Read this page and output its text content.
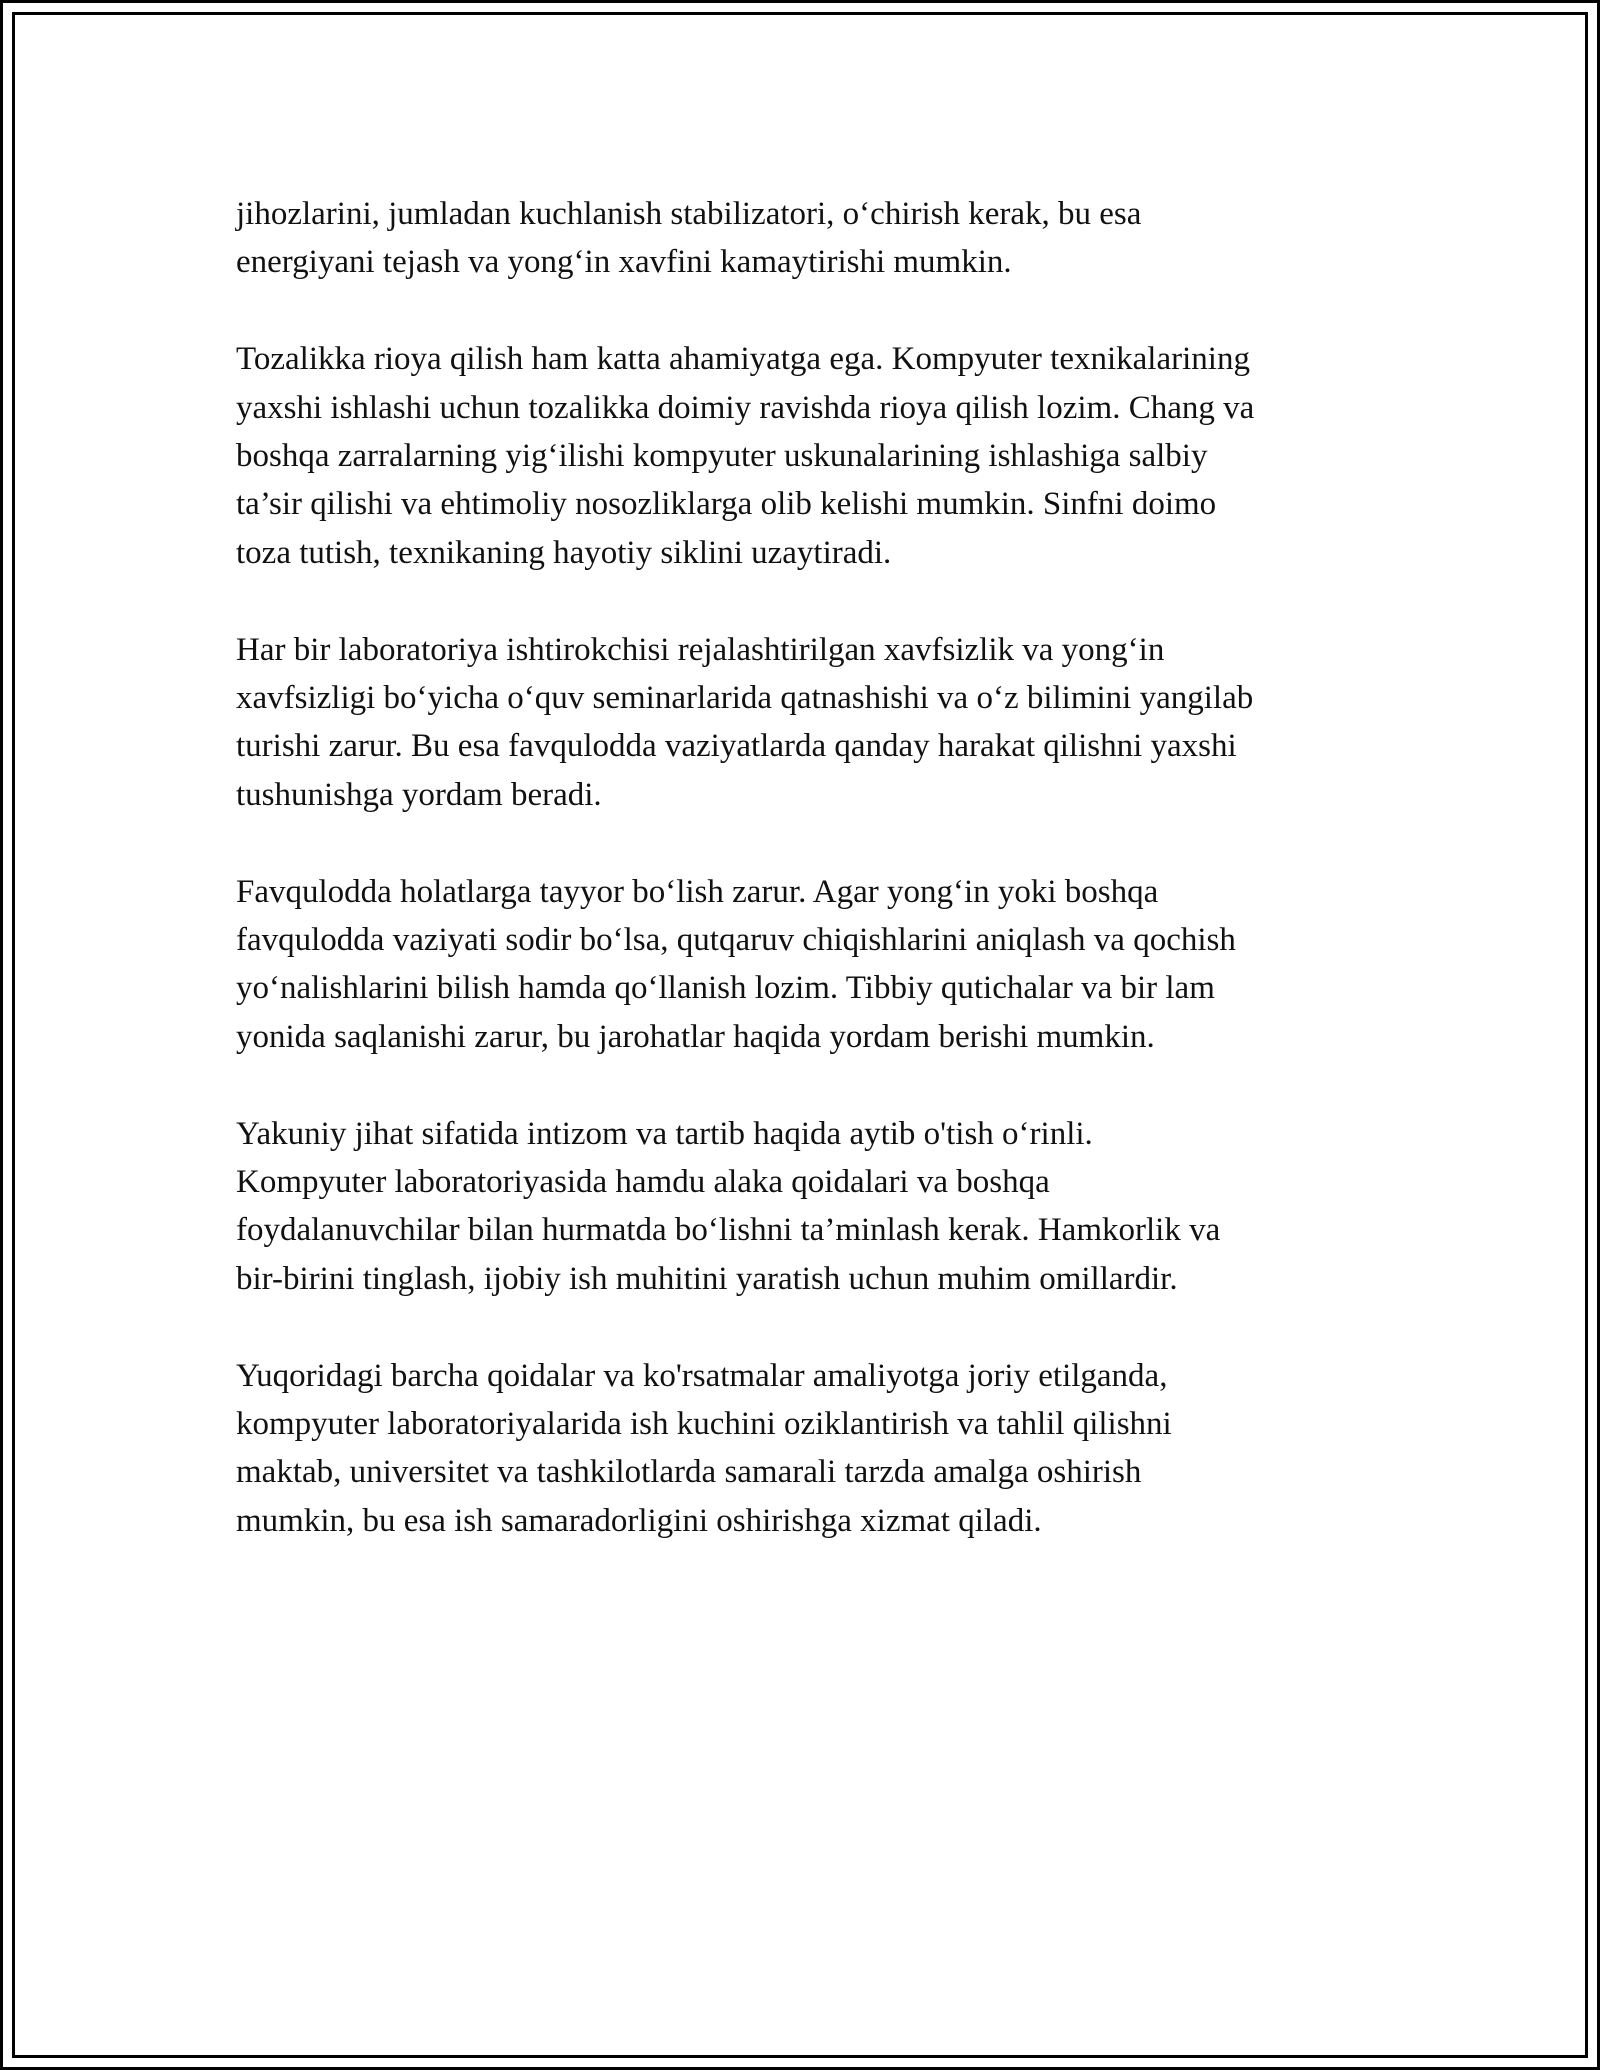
jihozlarini, jumladan kuchlanish stabilizatori, o‘chirish kerak, bu esa
energiyani tejash va yong‘in xavfini kamaytirishi mumkin.

Tozalikka rioya qilish ham katta ahamiyatga ega. Kompyuter texnikalarining
yaxshi ishlashi uchun tozalikka doimiy ravishda rioya qilish lozim. Chang va
boshqa zarralarning yig‘ilishi kompyuter uskunalarining ishlashiga salbiy
ta’sir qilishi va ehtimoliy nosozliklarga olib kelishi mumkin. Sinfni doimo
toza tutish, texnikaning hayotiy siklini uzaytiradi.

Har bir laboratoriya ishtirokchisi rejalashtirilgan xavfsizlik va yong‘in
xavfsizligi bo‘yicha o‘quv seminarlarida qatnashishi va o‘z bilimini yangilab
turishi zarur. Bu esa favqulodda vaziyatlarda qanday harakat qilishni yaxshi
tushunishga yordam beradi.

Favqulodda holatlarga tayyor bo‘lish zarur. Agar yong‘in yoki boshqa
favqulodda vaziyati sodir bo‘lsa, qutqaruv chiqishlarini aniqlash va qochish
yo‘nalishlarini bilish hamda qo‘llanish lozim. Tibbiy qutichalar va bir lam
yonida saqlanishi zarur, bu jarohatlar haqida yordam berishi mumkin.

Yakuniy jihat sifatida intizom va tartib haqida aytib o'tish o‘rinli.
Kompyuter laboratoriyasida hamdu alaka qoidalari va boshqa
foydalanuvchilar bilan hurmatda bo‘lishni ta’minlash kerak. Hamkorlik va
bir-birini tinglash, ijobiy ish muhitini yaratish uchun muhim omillardir.

Yuqoridagi barcha qoidalar va ko'rsatmalar amaliyotga joriy etilganda,
kompyuter laboratoriyalarida ish kuchini oziklantirish va tahlil qilishni
maktab, universitet va tashkilotlarda samarali tarzda amalga oshirish
mumkin, bu esa ish samaradorligini oshirishga xizmat qiladi.
